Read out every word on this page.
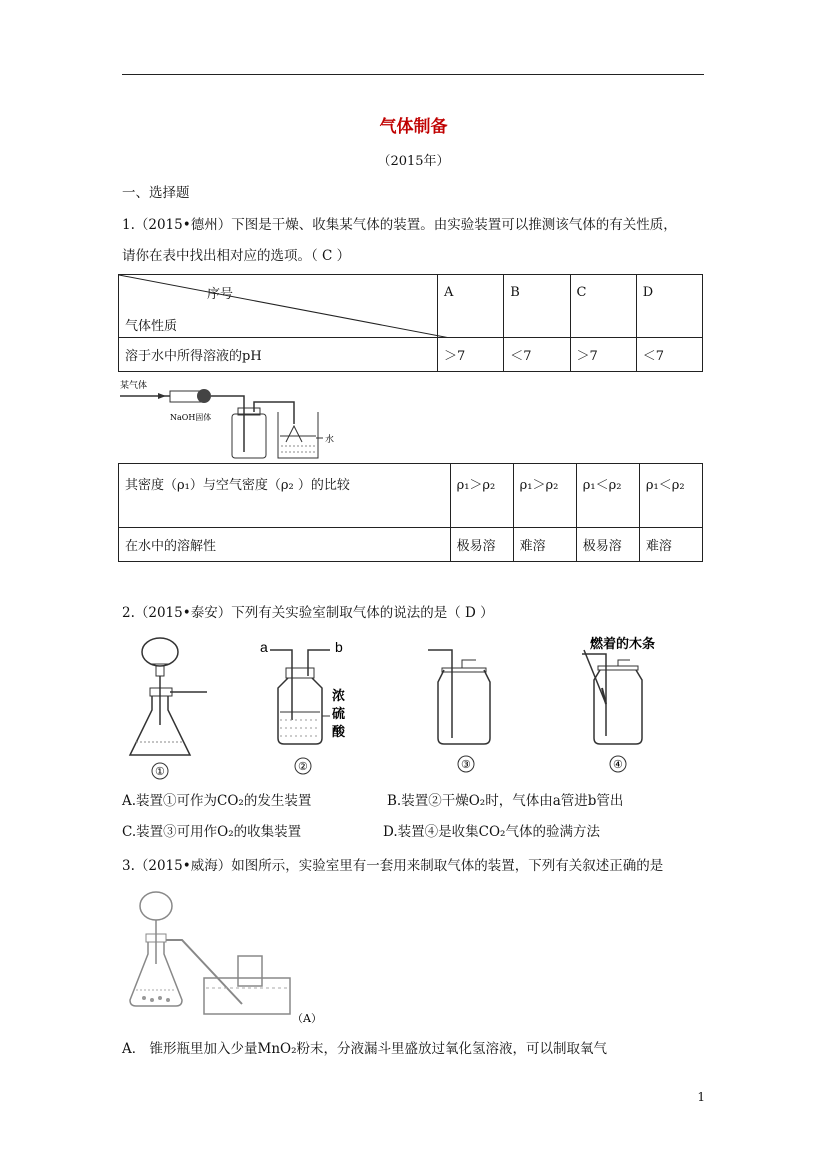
气体制备
（2015年）
一、选择题
1.（2015•德州）下图是干燥、收集某气体的装置。由实验装置可以推测该气体的有关性质，
请你在表中找出相对应的选项。（ C ）
序号
气体性质	A	B	C	D
溶于水中所得溶液的pH	＞7	＜7	＞7	＜7
某气体
NaOH固体
水
其密度（ρ₁）与空气密度（ρ₂ ）的比较	ρ₁＞ρ₂	ρ₁＞ρ₂	ρ₁＜ρ₂	ρ₁＜ρ₂
在水中的溶解性	极易溶	难溶	极易溶	难溶
2.（2015•泰安）下列有关实验室制取气体的说法的是（ D ）
①
a	b
浓 硫 酸
②	③
燃着的木条
④
A.装置①可作为CO₂的发生装置	B.装置②干燥O₂时，气体由a管进b管出
C.装置③可用作O₂的收集装置	D.装置④是收集CO₂气体的验满方法
3.（2015•威海）如图所示，实验室里有一套用来制取气体的装置，下列有关叙述正确的是
（A）
A． 锥形瓶里加入少量MnO₂粉末，分液漏斗里盛放过氧化氢溶液，可以制取氧气
1
